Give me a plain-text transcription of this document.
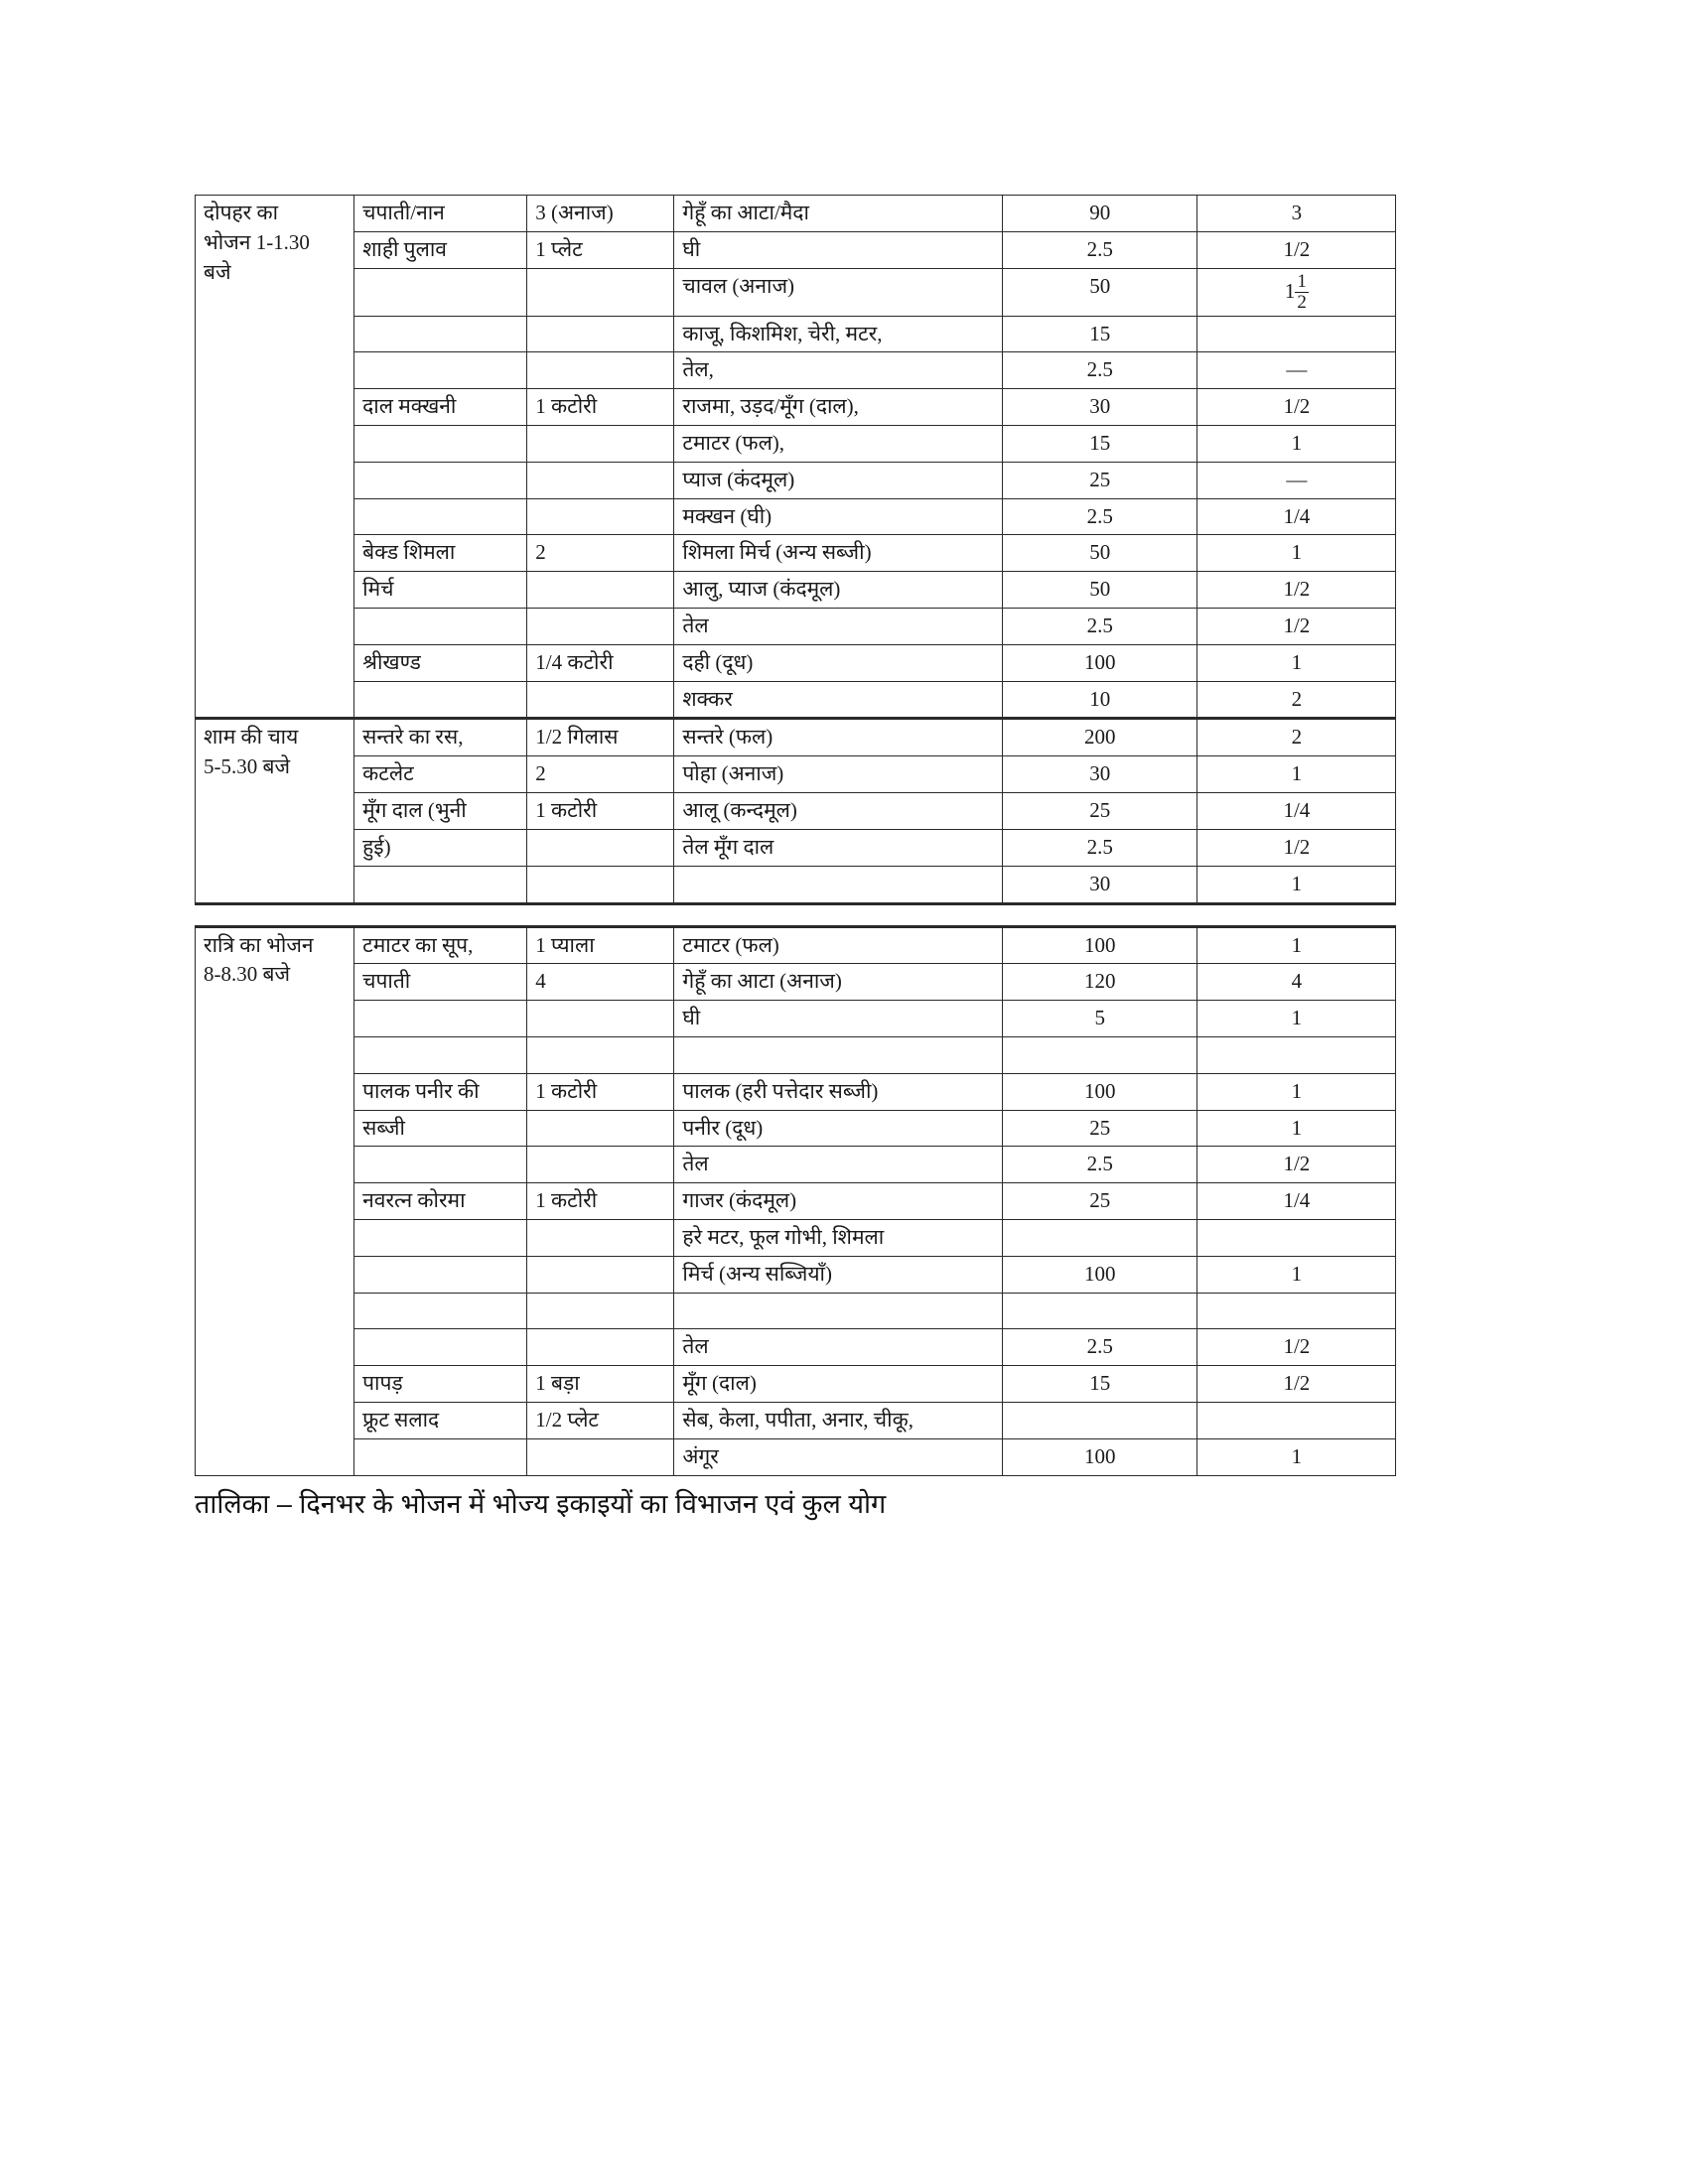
दोपहर का
भोजन 1-1.30
बजे	चपाती/नान	3 (अनाज)	गेहूँ का आटा/मैदा	90	3
	शाही पुलाव	1 प्लेट	घी	2.5	1/2
			चावल (अनाज)	50	$1 \frac{1}{2}$

			काजू, किशमिश, चेरी, मटर,	15	
			तेल,	2.5	—
	दाल मक्खनी	1 कटोरी	राजमा, उड़द/मूँग (दाल),	30	1/2
			टमाटर (फल),	15	1
			प्याज (कंदमूल)	25	—
			मक्खन (घी)	2.5	1/4
	बेक्ड शिमला	2	शिमला मिर्च (अन्य सब्जी)	50	1
	मिर्च		आलु, प्याज (कंदमूल)	50	1/2
			तेल	2.5	1/2
	श्रीखण्ड	1/4 कटोरी	दही (दूध)	100	1
			शक्कर	10	2

शाम की चाय
5-5.30 बजे	सन्तरे का रस,	1/2 गिलास	सन्तरे (फल)	200	2
	कटलेट	2	पोहा (अनाज)	30	1
	मूँग दाल (भुनी	1 कटोरी	आलू (कन्दमूल)	25	1/4
	हुई)		तेल मूँग दाल	2.5	1/2
				30	1

रात्रि का भोजन
8-8.30 बजे	टमाटर का सूप,	1 प्याला	टमाटर (फल)	100	1
	चपाती	4	गेहूँ का आटा (अनाज)	120	4
			घी	5	1

	पालक पनीर की	1 कटोरी	पालक (हरी पत्तेदार सब्जी)	100	1
	सब्जी		पनीर (दूध)	25	1
			तेल	2.5	1/2
	नवरत्न कोरमा	1 कटोरी	गाजर (कंदमूल)	25	1/4
			हरे मटर, फूल गोभी, शिमला		
			मिर्च (अन्य सब्जियाँ)	100	1

			तेल	2.5	1/2
	पापड़	1 बड़ा	मूँग (दाल)	15	1/2
	फ्रूट सलाद	1/2 प्लेट	सेब, केला, पपीता, अनार, चीकू,		
			अंगूर	100	1
तालिका – दिनभर के भोजन में भोज्य इकाइयों का विभाजन एवं कुल योग
